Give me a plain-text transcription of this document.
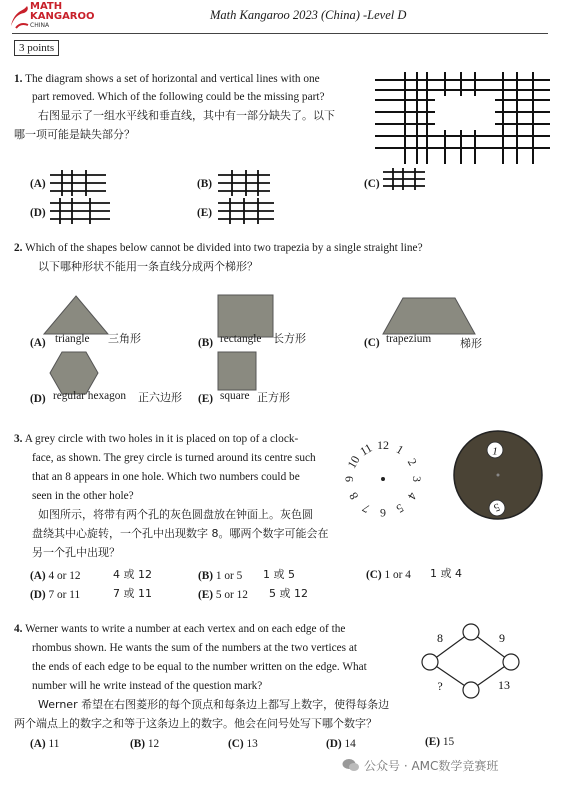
MATH
KANGAROO
CHINA
Math Kangaroo 2023 (China) -Level D
3 points
1. The diagram shows a set of horizontal and vertical lines with one
part removed. Which of the following could be the missing part?
右图显示了一组水平线和垂直线，其中有一部分缺失了。以下
哪一项可能是缺失部分？
(A)	(B)	(C)
(D)	(E)
2. Which of the shapes below cannot be divided into two trapezia by a single straight line?
以下哪种形状不能用一条直线分成两个梯形？
(A) triangle 三角形	(B) rectangle 长方形	(C) trapezium	梯形
(D) regular hexagon 正六边形 (E) square 正方形
3. A grey circle with two holes in it is placed on top of a clock-
face, as shown. The grey circle is turned around its centre such
that an 8 appears in one hole. Which two numbers could be
seen in the other hole?
如图所示，将带有两个孔的灰色圆盘放在钟面上。灰色圆
盘绕其中心旋转，一个孔中出现数字 8。哪两个数字可能会在
另一个孔中出现？
12 1
2
3
4
5
6
7
8
9
10
11	1
5
(A) 4 or 12	4 或 12	(B) 1 or 5 1 或 5	(C) 1 or 4 1 或 4
(D) 7 or 11	7 或 11	(E) 5 or 12 5 或 12
4. Werner wants to write a number at each vertex and on each edge of the
rhombus shown. He wants the sum of the numbers at the two vertices at
the ends of each edge to be equal to the number written on the edge. What
number will he write instead of the question mark?
Werner 希望在右图菱形的每个顶点和每条边上都写上数字，使得每条边
两个端点上的数字之和等于这条边上的数字。他会在问号处写下哪个数字？
8	9
?	13
(A) 11	(B) 12	(C) 13	(D) 14	(E) 15
公众号 · AMC数学竞赛班
